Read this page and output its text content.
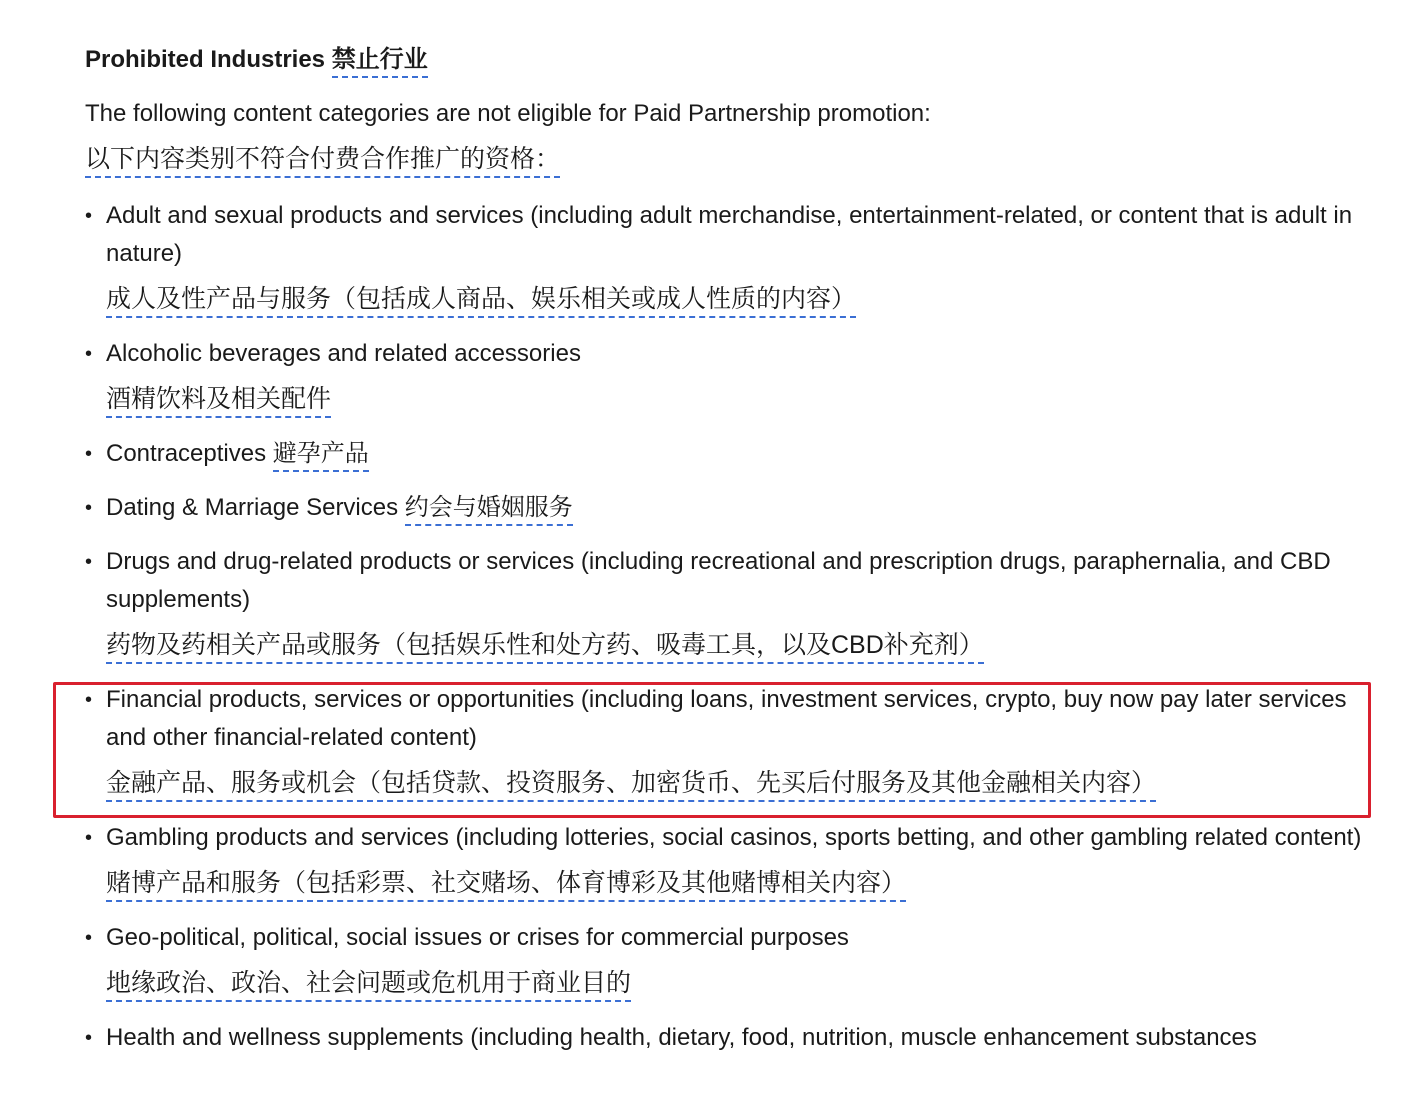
Prohibited Industries 禁止行业
The following content categories are not eligible for Paid Partnership promotion:
以下内容类别不符合付费合作推广的资格：
• Adult and sexual products and services (including adult merchandise, entertainment-related, or content that is adult in nature)
成人及性产品与服务（包括成人商品、娱乐相关或成人性质的内容）
• Alcoholic beverages and related accessories
酒精饮料及相关配件
• Contraceptives 避孕产品
• Dating & Marriage Services 约会与婚姻服务
• Drugs and drug-related products or services (including recreational and prescription drugs, paraphernalia, and CBD supplements)
药物及药相关产品或服务（包括娱乐性和处方药、吸毒工具，以及CBD补充剂）
• Financial products, services or opportunities (including loans, investment services, crypto, buy now pay later services and other financial-related content)
金融产品、服务或机会（包括贷款、投资服务、加密货币、先买后付服务及其他金融相关内容）
• Gambling products and services (including lotteries, social casinos, sports betting, and other gambling related content)
赌博产品和服务（包括彩票、社交赌场、体育博彩及其他赌博相关内容）
• Geo-political, political, social issues or crises for commercial purposes
地缘政治、政治、社会问题或危机用于商业目的
• Health and wellness supplements (including health, dietary, food, nutrition, muscle enhancement substances
